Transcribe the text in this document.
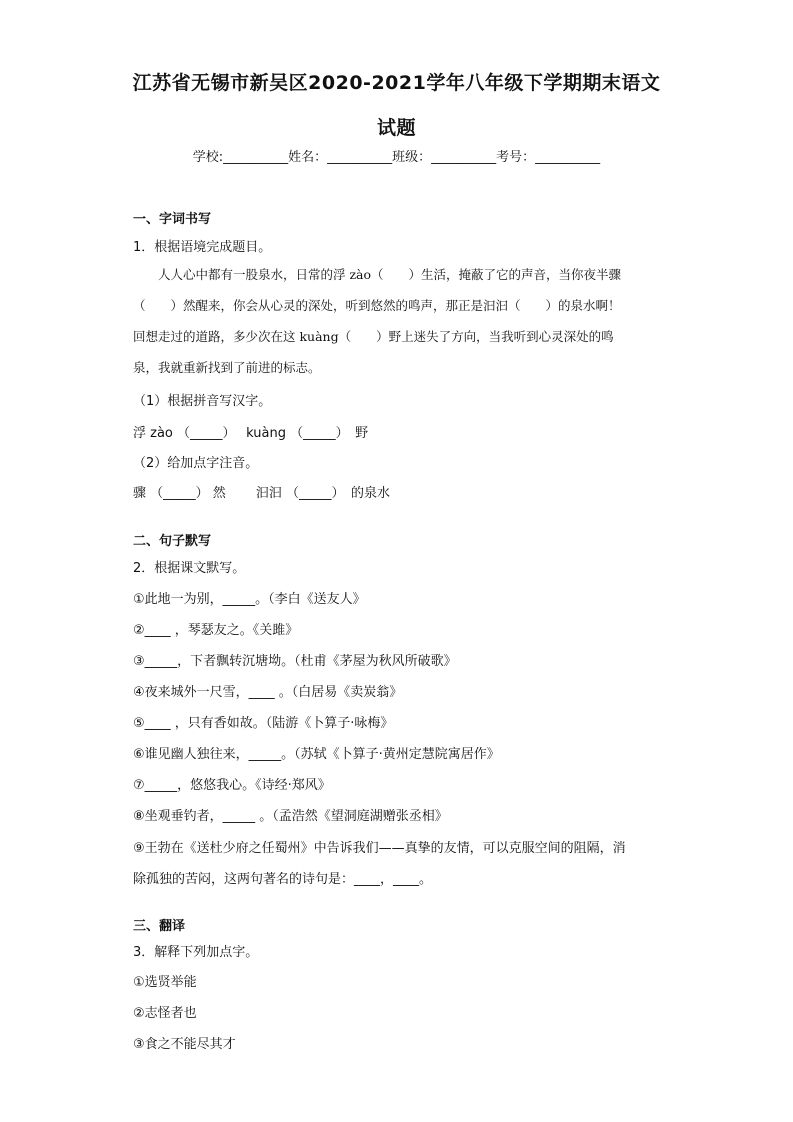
江苏省无锡市新吴区2020-2021学年八年级下学期期末语文
试题
学校:__________姓名：__________班级：__________考号：__________
一、字词书写
1．根据语境完成题目。
　　人人心中都有一股泉水，日常的浮 zào（　　）生活，掩蔽了它的声音，当你夜半骤
（　　）然醒来，你会从心灵的深处，听到悠然的鸣声，那正是汩汩（　　）的泉水啊！
回想走过的道路，多少次在这 kuàng（　　）野上迷失了方向，当我听到心灵深处的鸣
泉，我就重新找到了前进的标志。
（1）根据拼音写汉字。
浮 zào （_____）　 kuàng （_____）　野
（2）给加点字注音。
骤 （_____） 然　　 汩汩 （_____）　的泉水
二、句子默写
2．根据课文默写。
①此地一为别，_____。（李白《送友人》
②____ ，琴瑟友之。《关雎》
③_____，下者飘转沉塘坳。（杜甫《茅屋为秋风所破歌》
④夜来城外一尺雪，____ 。（白居易《卖炭翁》
⑤____ ，只有香如故。（陆游《卜算子·咏梅》
⑥谁见幽人独往来，_____。（苏轼《卜算子·黄州定慧院寓居作》
⑦_____，悠悠我心。《诗经·郑风》
⑧坐观垂钓者，_____ 。（孟浩然《望洞庭湖赠张丞相》
⑨王勃在《送杜少府之任蜀州》中告诉我们——真挚的友情，可以克服空间的阻隔，消
除孤独的苦闷，这两句著名的诗句是：____，____。
三、翻译
3．解释下列加点字。
①选贤举能
②志怪者也
③食之不能尽其才
